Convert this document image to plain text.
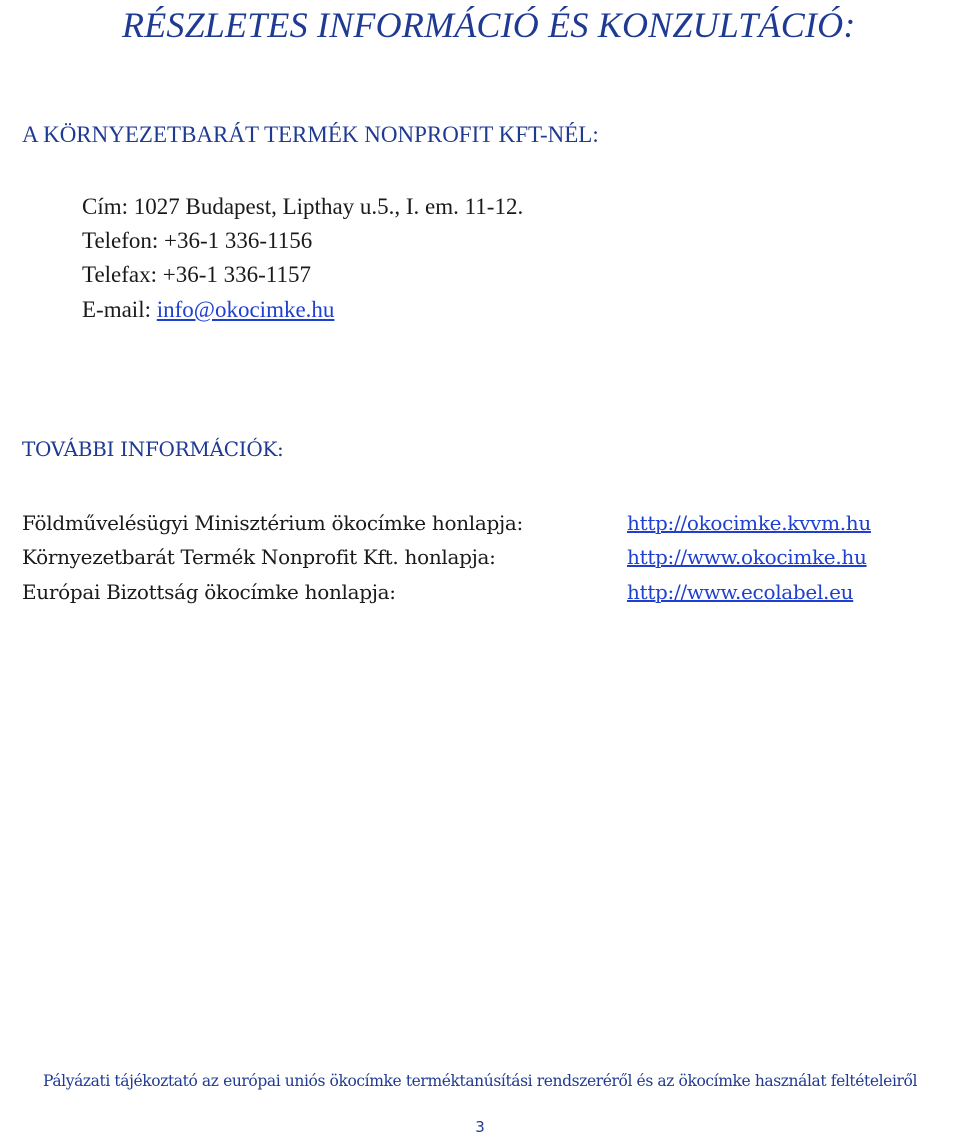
RÉSZLETES INFORMÁCIÓ ÉS KONZULTÁCIÓ:
A KÖRNYEZETBARÁT TERMÉK NONPROFIT KFT-NÉL:
Cím: 1027 Budapest, Lipthay u.5., I. em. 11-12.
Telefon: +36-1 336-1156
Telefax: +36-1 336-1157
E-mail: info@okocimke.hu
TOVÁBBI INFORMÁCIÓK:
Földművelésügyi Minisztérium ökocímke honlapja:	http://okocimke.kvvm.hu
Környezetbarát Termék Nonprofit Kft. honlapja:	http://www.okocimke.hu
Európai Bizottság ökocímke honlapja:	http://www.ecolabel.eu
Pályázati tájékoztató az európai uniós ökocímke terméktanúsítási rendszeréről és az ökocímke használat feltételeiről
3
